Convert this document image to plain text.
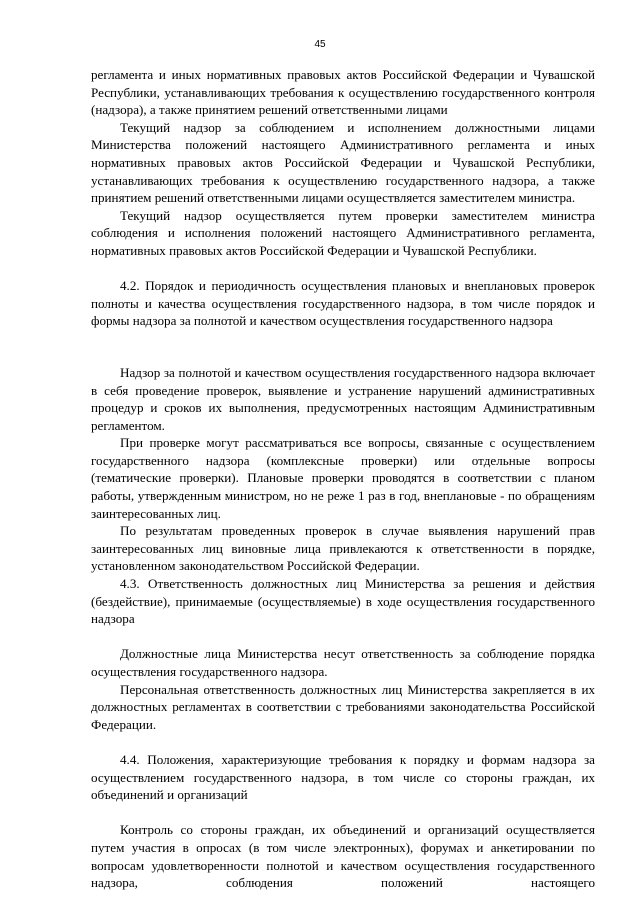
45

регламента и иных нормативных правовых актов Российской Федерации и Чувашской Республики, устанавливающих требования к осуществлению государственного контроля (надзора), а также принятием решений ответственными лицами

Текущий надзор за соблюдением и исполнением должностными лицами Министерства положений настоящего Административного регламента и иных нормативных правовых актов Российской Федерации и Чувашской Республики, устанавливающих требования к осуществлению государственного надзора, а также принятием решений ответственными лицами осуществляется заместителем министра.

Текущий надзор осуществляется путем проверки заместителем министра соблюдения и исполнения положений настоящего Административного регламента, нормативных правовых актов Российской Федерации и Чувашской Республики.

4.2. Порядок и периодичность осуществления плановых и внеплановых проверок полноты и качества осуществления государственного надзора, в том числе порядок и формы надзора за полнотой и качеством осуществления государственного надзора

Надзор за полнотой и качеством осуществления государственного надзора включает в себя проведение проверок, выявление и устранение нарушений административных процедур и сроков их выполнения, предусмотренных настоящим Административным регламентом.

При проверке могут рассматриваться все вопросы, связанные с осуществлением государственного надзора (комплексные проверки) или отдельные вопросы (тематические проверки). Плановые проверки проводятся в соответствии с планом работы, утвержденным министром, но не реже 1 раз в год, внеплановые - по обращениям заинтересованных лиц.

По результатам проведенных проверок в случае выявления нарушений прав заинтересованных лиц виновные лица привлекаются к ответственности в порядке, установленном законодательством Российской Федерации.

4.3. Ответственность должностных лиц Министерства за решения и действия (бездействие), принимаемые (осуществляемые) в ходе осуществления государственного надзора

Должностные лица Министерства несут ответственность за соблюдение порядка осуществления государственного надзора.

Персональная ответственность должностных лиц Министерства закрепляется в их должностных регламентах в соответствии с требованиями законодательства Российской Федерации.

4.4. Положения, характеризующие требования к порядку и формам надзора за осуществлением государственного надзора, в том числе со стороны граждан, их объединений и организаций

Контроль со стороны граждан, их объединений и организаций осуществляется путем участия в опросах (в том числе электронных), форумах и анкетировании по вопросам удовлетворенности полнотой и качеством осуществления государственного надзора, соблюдения положений настоящего
